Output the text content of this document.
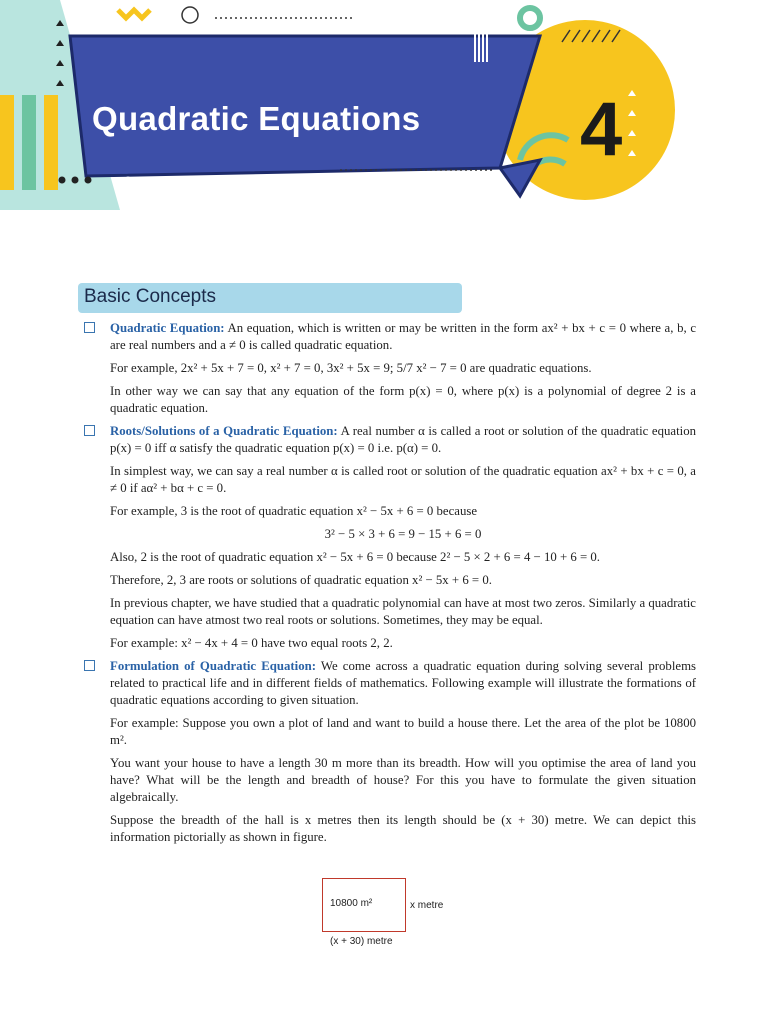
Quadratic Equations 4
Basic Concepts

Quadratic Equation: An equation, which is written or may be written in the form ax² + bx + c = 0 where a, b, c are real numbers and a ≠ 0 is called quadratic equation.

For example, 2x² + 5x + 7 = 0, x² + 7 = 0, 3x² + 5x = 9; 5/7 x² − 7 = 0 are quadratic equations.

In other way we can say that any equation of the form p(x) = 0, where p(x) is a polynomial of degree 2 is a quadratic equation.

Roots/Solutions of a Quadratic Equation: A real number α is called a root or solution of the quadratic equation p(x) = 0 iff α satisfy the quadratic equation p(x) = 0 i.e. p(α) = 0.

In simplest way, we can say a real number α is called root or solution of the quadratic equation ax² + bx + c = 0, a ≠ 0 if aα² + bα + c = 0.

For example, 3 is the root of quadratic equation x² − 5x + 6 = 0 because

3² − 5 × 3 + 6 = 9 − 15 + 6 = 0

Also, 2 is the root of quadratic equation x² − 5x + 6 = 0 because 2² − 5 × 2 + 6 = 4 − 10 + 6 = 0.

Therefore, 2, 3 are roots or solutions of quadratic equation x² − 5x + 6 = 0.

In previous chapter, we have studied that a quadratic polynomial can have at most two zeros. Similarly a quadratic equation can have atmost two real roots or solutions. Sometimes, they may be equal.

For example: x² − 4x + 4 = 0 have two equal roots 2, 2.

Formulation of Quadratic Equation: We come across a quadratic equation during solving several problems related to practical life and in different fields of mathematics. Following example will illustrate the formations of quadratic equations according to given situation.

For example: Suppose you own a plot of land and want to build a house there. Let the area of the plot be 10800 m².

You want your house to have a length 30 m more than its breadth. How will you optimise the area of land you have? What will be the length and breadth of house? For this you have to formulate the given situation algebraically.

Suppose the breadth of the hall is x metres then its length should be (x + 30) metre. We can depict this information pictorially as shown in figure.

10800 m²	x metre
(x + 30) metre
